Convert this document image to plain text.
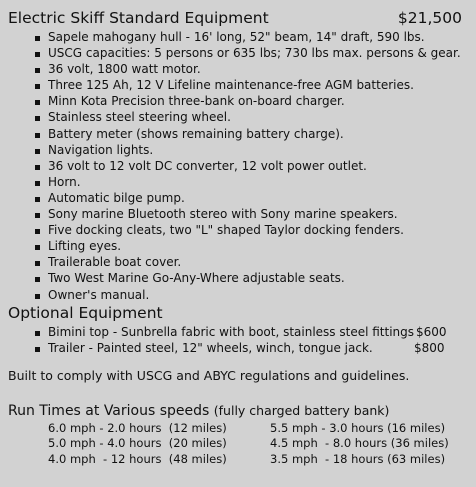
Electric Skiff Standard Equipment	$21,500
Sapele mahogany hull - 16' long, 52" beam, 14" draft, 590 lbs.
USCG capacities: 5 persons or 635 lbs; 730 lbs max. persons & gear.
36 volt, 1800 watt motor.
Three 125 Ah, 12 V Lifeline maintenance-free AGM batteries.
Minn Kota Precision three-bank on-board charger.
Stainless steel steering wheel.
Battery meter (shows remaining battery charge).
Navigation lights.
36 volt to 12 volt DC converter, 12 volt power outlet.
Horn.
Automatic bilge pump.
Sony marine Bluetooth stereo with Sony marine speakers.
Five docking cleats, two "L" shaped Taylor docking fenders.
Lifting eyes.
Trailerable boat cover.
Two West Marine Go-Any-Where adjustable seats.
Owner's manual.
Optional Equipment
Bimini top - Sunbrella fabric with boot, stainless steel fittings $600
Trailer - Painted steel, 12" wheels, winch, tongue jack.	$800
Built to comply with USCG and ABYC regulations and guidelines.
Run Times at Various speeds (fully charged battery bank)
6.0 mph - 2.0 hours  (12 miles)
5.0 mph - 4.0 hours  (20 miles)
4.0 mph  - 12 hours  (48 miles)
5.5 mph - 3.0 hours (16 miles)
4.5 mph  - 8.0 hours (36 miles)
3.5 mph  - 18 hours (63 miles)
